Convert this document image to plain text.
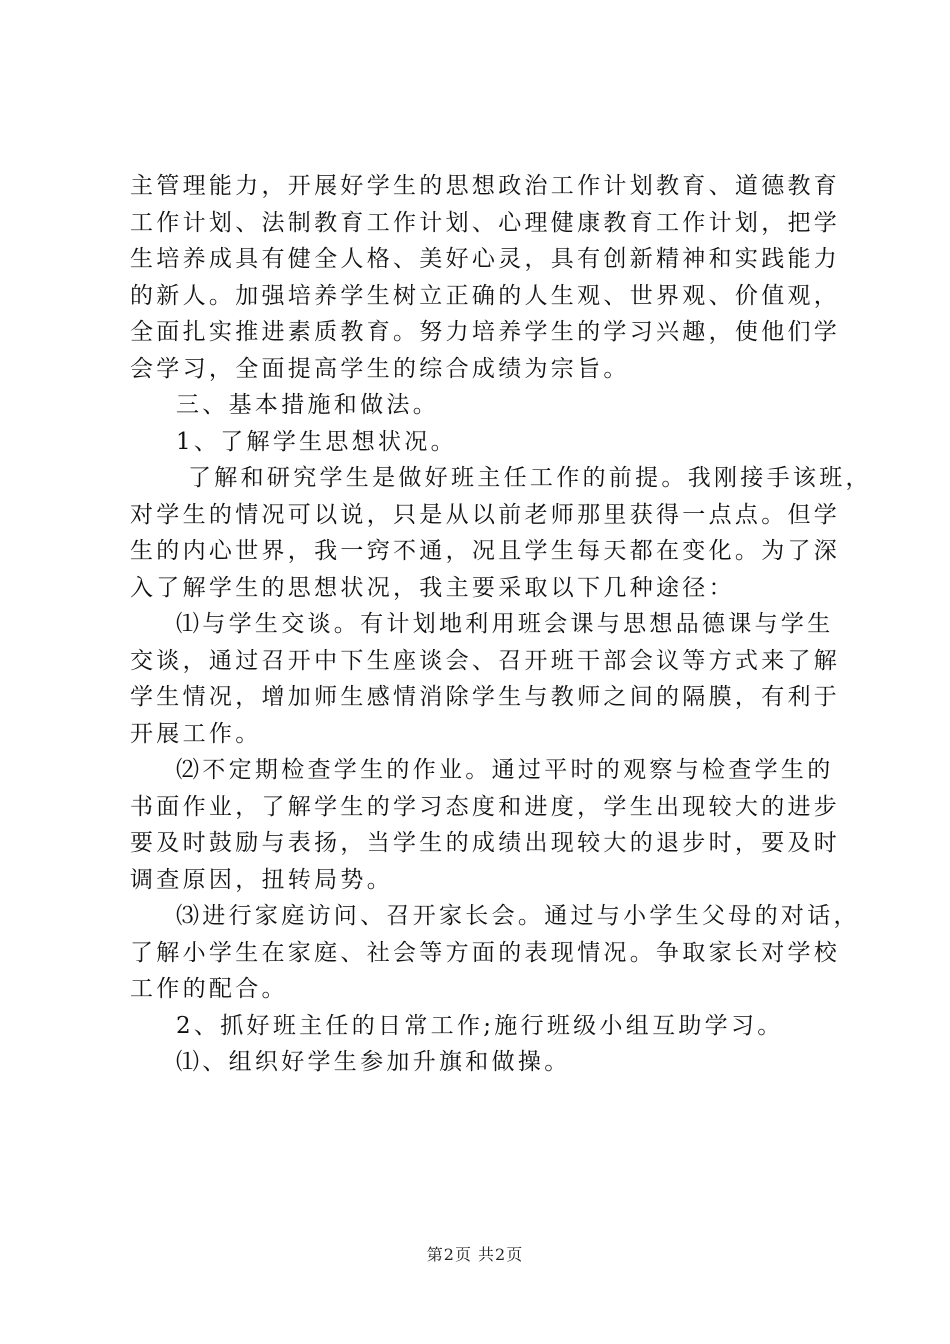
主管理能力，开展好学生的思想政治工作计划教育、道德教育
工作计划、法制教育工作计划、心理健康教育工作计划，把学
生培养成具有健全人格、美好心灵，具有创新精神和实践能力
的新人。加强培养学生树立正确的人生观、世界观、价值观，
全面扎实推进素质教育。努力培养学生的学习兴趣，使他们学
会学习，全面提高学生的综合成绩为宗旨。
三、基本措施和做法。
1、了解学生思想状况。
了解和研究学生是做好班主任工作的前提。我刚接手该班，
对学生的情况可以说，只是从以前老师那里获得一点点。但学
生的内心世界，我一窍不通，况且学生每天都在变化。为了深
入了解学生的思想状况，我主要采取以下几种途径：
⑴与学生交谈。有计划地利用班会课与思想品德课与学生
交谈，通过召开中下生座谈会、召开班干部会议等方式来了解
学生情况，增加师生感情消除学生与教师之间的隔膜，有利于
开展工作。
⑵不定期检查学生的作业。通过平时的观察与检查学生的
书面作业，了解学生的学习态度和进度，学生出现较大的进步
要及时鼓励与表扬，当学生的成绩出现较大的退步时，要及时
调查原因，扭转局势。
⑶进行家庭访问、召开家长会。通过与小学生父母的对话，
了解小学生在家庭、社会等方面的表现情况。争取家长对学校
工作的配合。
2、抓好班主任的日常工作;施行班级小组互助学习。
⑴、组织好学生参加升旗和做操。
第2页 共2页
